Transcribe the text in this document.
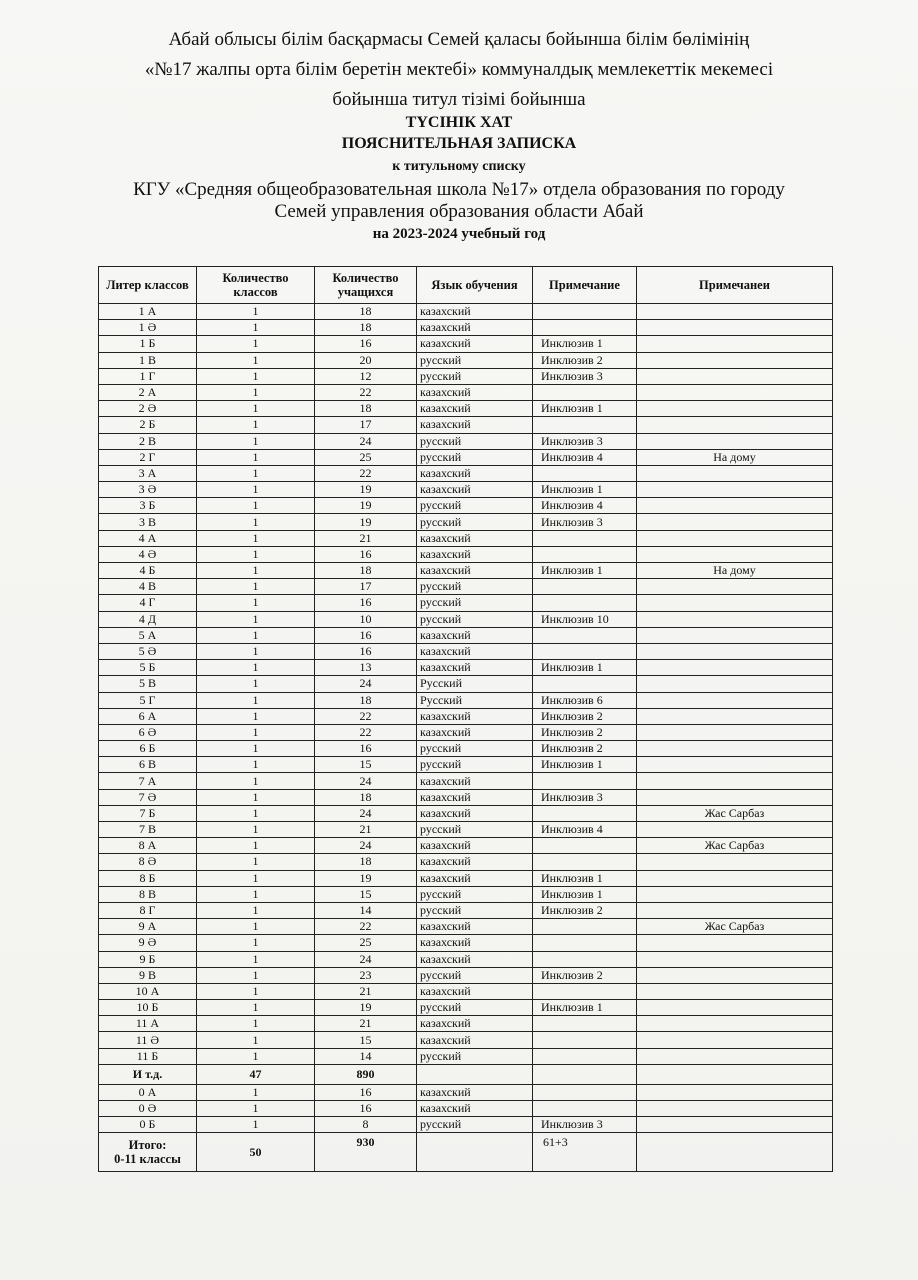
Абай облысы білім басқармасы Семей қаласы бойынша білім бөлімінің

«№17 жалпы орта білім беретін мектебі» коммуналдық мемлекеттік мекемесі

бойынша титул тізімі бойынша

ТҮСІНІК ХАТ

ПОЯСНИТЕЛЬНАЯ ЗАПИСКА

к титульному списку

КГУ «Средняя общеобразовательная школа №17» отдела образования по городу

Семей управления образования области Абай

на 2023-2024 учебный год

Литер классов	Количество классов	Количество учащихся	Язык обучения	Примечание	Примечанеи
1 А	1	18	казахский		
1 Ә	1	18	казахский		
1 Б	1	16	казахский	Инклюзив 1	
1 В	1	20	русский	Инклюзив 2	
1 Г	1	12	русский	Инклюзив 3	
2 А	1	22	казахский		
2 Ә	1	18	казахский	Инклюзив 1	
2 Б	1	17	казахский		
2 В	1	24	русский	Инклюзив 3	
2 Г	1	25	русский	Инклюзив 4	На дому
3 А	1	22	казахский		
3 Ә	1	19	казахский	Инклюзив 1	
3 Б	1	19	русский	Инклюзив 4	
3 В	1	19	русский	Инклюзив 3	
4 А	1	21	казахский		
4 Ә	1	16	казахский		
4 Б	1	18	казахский	Инклюзив 1	На дому
4 В	1	17	русский		
4 Г	1	16	русский		
4 Д	1	10	русский	Инклюзив 10	
5 А	1	16	казахский		
5 Ә	1	16	казахский		
5 Б	1	13	казахский	Инклюзив 1	
5 В	1	24	Русский		
5 Г	1	18	Русский	Инклюзив 6	
6 А	1	22	казахский	Инклюзив 2	
6 Ә	1	22	казахский	Инклюзив 2	
6 Б	1	16	русский	Инклюзив 2	
6 В	1	15	русский	Инклюзив 1	
7 А	1	24	казахский		
7 Ә	1	18	казахский	Инклюзив 3	
7 Б	1	24	казахский		Жас Сарбаз
7 В	1	21	русский	Инклюзив 4	
8 А	1	24	казахский		Жас Сарбаз
8 Ә	1	18	казахский		
8 Б	1	19	казахский	Инклюзив 1	
8 В	1	15	русский	Инклюзив 1	
8 Г	1	14	русский	Инклюзив 2	
9 А	1	22	казахский		Жас Сарбаз
9 Ә	1	25	казахский		
9 Б	1	24	казахский		
9 В	1	23	русский	Инклюзив 2	
10 А	1	21	казахский		
10 Б	1	19	русский	Инклюзив 1	
11 А	1	21	казахский		
11 Ә	1	15	казахский		
11 Б	1	14	русский		
И т.д.	47	890			
0 А	1	16	казахский		
0 Ә	1	16	казахский		
0 Б	1	8	русский	Инклюзив 3	

Итого:
0-11 классы	50	930		61+3	
